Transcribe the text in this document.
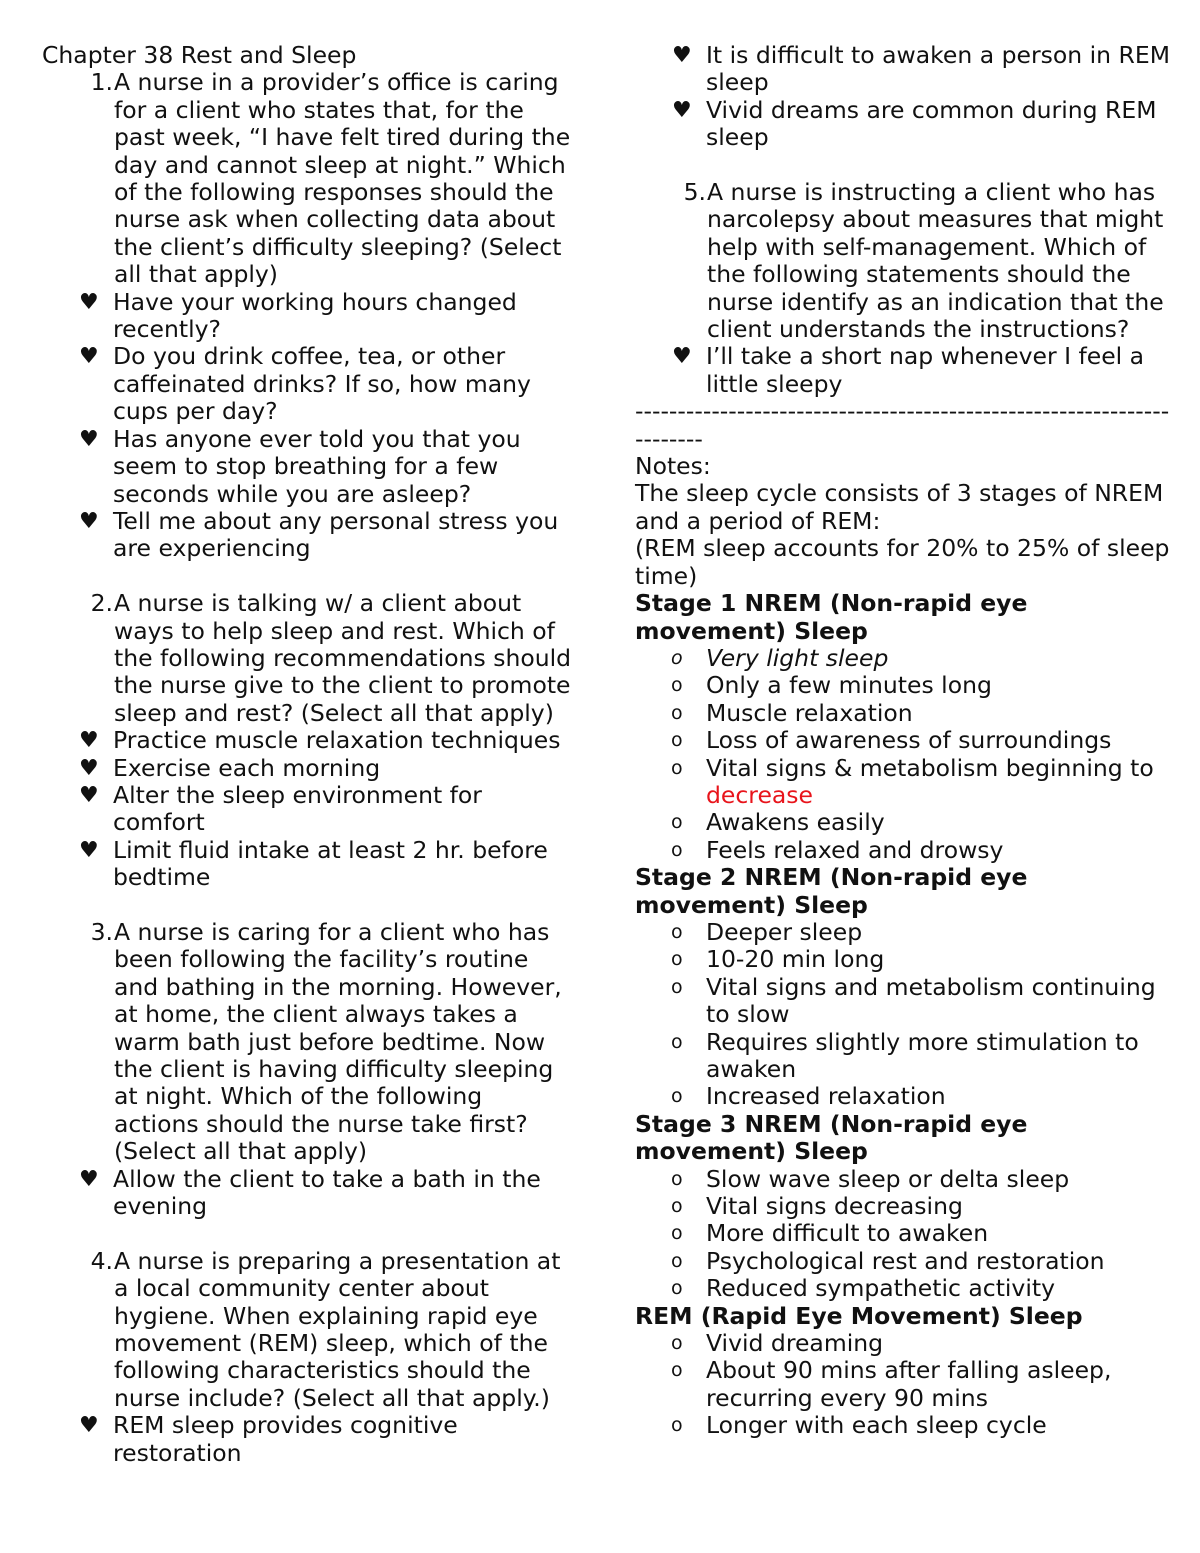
Chapter 38 Rest and Sleep

1. A nurse in a provider’s office is caring for a client who states that, for the past week, “I have felt tired during the day and cannot sleep at night.” Which of the following responses should the nurse ask when collecting data about the client’s difficulty sleeping? (Select all that apply)
♥ Have your working hours changed recently?
♥ Do you drink coffee, tea, or other caffeinated drinks? If so, how many cups per day?
♥ Has anyone ever told you that you seem to stop breathing for a few seconds while you are asleep?
♥ Tell me about any personal stress you are experiencing
2. A nurse is talking w/ a client about ways to help sleep and rest. Which of the following recommendations should the nurse give to the client to promote sleep and rest? (Select all that apply)
♥ Practice muscle relaxation techniques
♥ Exercise each morning
♥ Alter the sleep environment for comfort
♥ Limit fluid intake at least 2 hr. before bedtime
3. A nurse is caring for a client who has been following the facility’s routine and bathing in the morning. However, at home, the client always takes a warm bath just before bedtime. Now the client is having difficulty sleeping at night. Which of the following actions should the nurse take first? (Select all that apply)
♥ Allow the client to take a bath in the evening
4. A nurse is preparing a presentation at a local community center about hygiene. When explaining rapid eye movement (REM) sleep, which of the following characteristics should the nurse include? (Select all that apply.)
♥ REM sleep provides cognitive restoration
♥ It is difficult to awaken a person in REM sleep
♥ Vivid dreams are common during REM sleep
5. A nurse is instructing a client who has narcolepsy about measures that might help with self-management. Which of the following statements should the nurse identify as an indication that the client understands the instructions?
♥ I’ll take a short nap whenever I feel a little sleepy
-----------------------------------------------------------------------

Notes:

The sleep cycle consists of 3 stages of NREM and a period of REM:

(REM sleep accounts for 20% to 25% of sleep time)

Stage 1 NREM (Non-rapid eye movement) Sleep

o Very light sleep
o Only a few minutes long
o Muscle relaxation
o Loss of awareness of surroundings
o Vital signs & metabolism beginning to
decrease
o Awakens easily
o Feels relaxed and drowsy

Stage 2 NREM (Non-rapid eye movement) Sleep

o Deeper sleep
o 10-20 min long
o Vital signs and metabolism continuing to slow
o Requires slightly more stimulation to awaken
o Increased relaxation

Stage 3 NREM (Non-rapid eye movement) Sleep

o Slow wave sleep or delta sleep
o Vital signs decreasing
o More difficult to awaken
o Psychological rest and restoration
o Reduced sympathetic activity

REM (Rapid Eye Movement) Sleep

o Vivid dreaming
o About 90 mins after falling asleep, recurring every 90 mins
o Longer with each sleep cycle
